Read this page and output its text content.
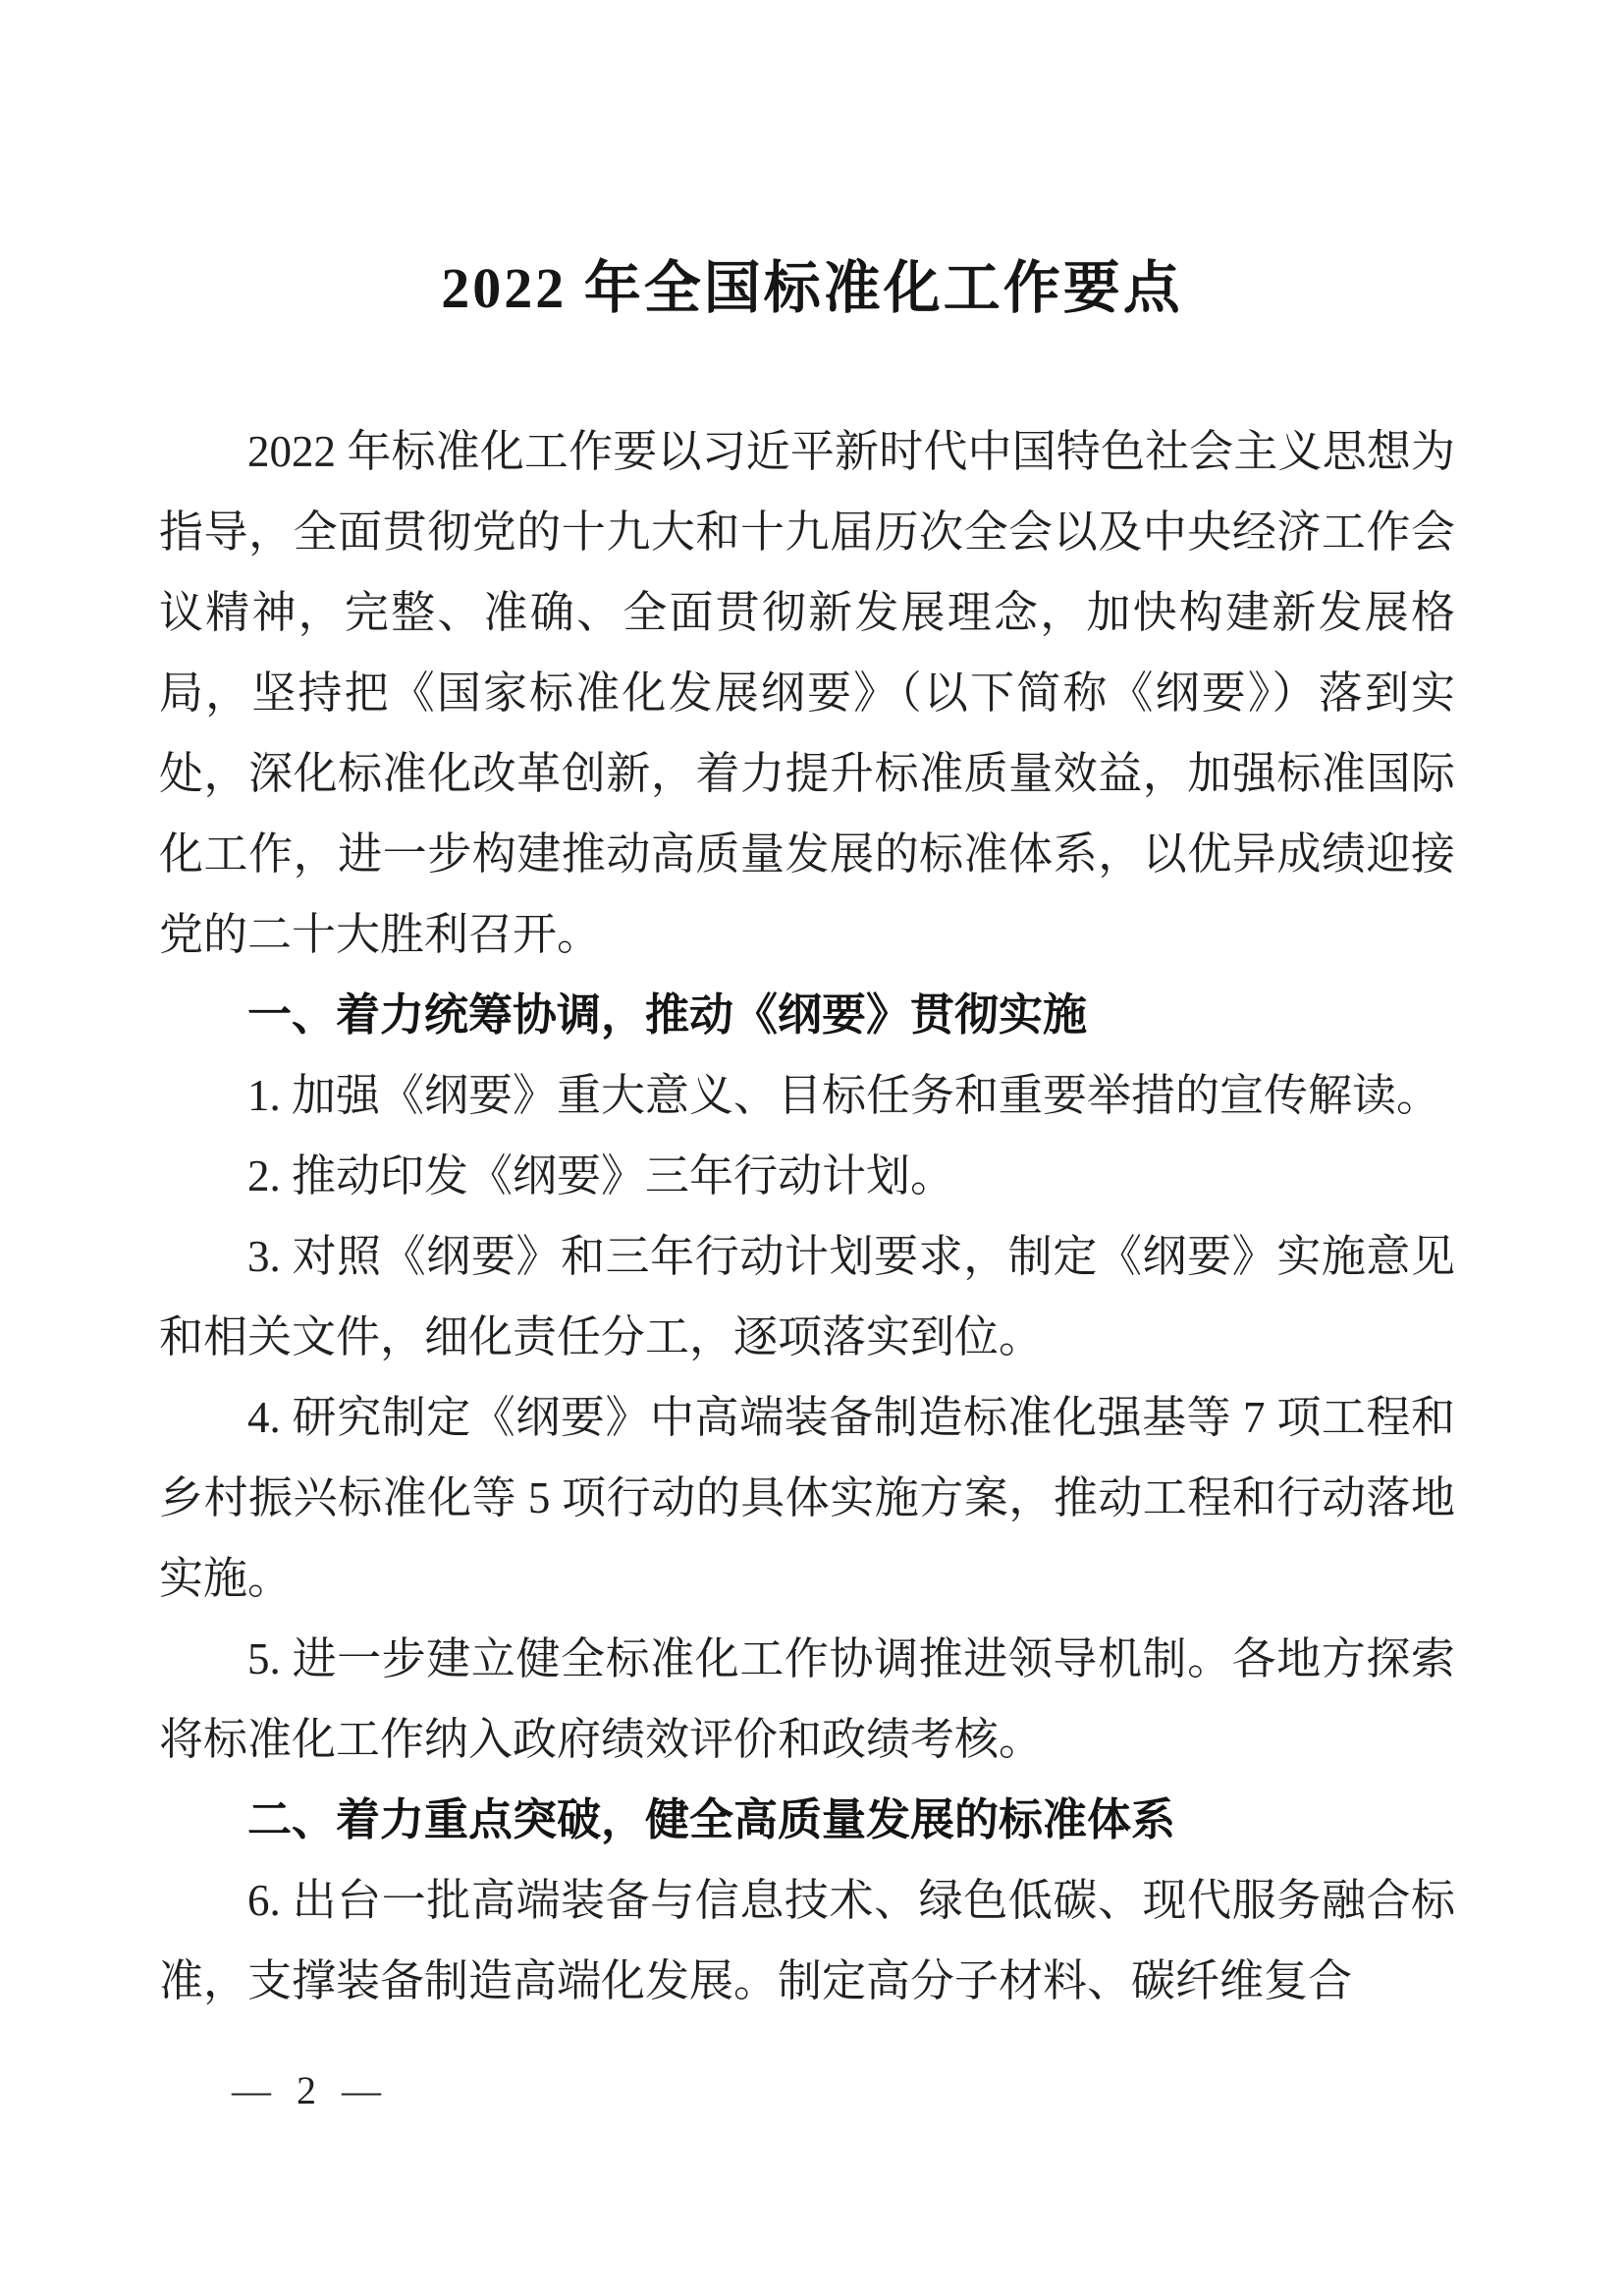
2022 年全国标准化工作要点

2022 年标准化工作要以习近平新时代中国特色社会主义思想为指导，全面贯彻党的十九大和十九届历次全会以及中央经济工作会议精神，完整、准确、全面贯彻新发展理念，加快构建新发展格局，坚持把《国家标准化发展纲要》（以下简称《纲要》）落到实处，深化标准化改革创新，着力提升标准质量效益，加强标准国际化工作，进一步构建推动高质量发展的标准体系，以优异成绩迎接党的二十大胜利召开。

一、着力统筹协调，推动《纲要》贯彻实施

1. 加强《纲要》重大意义、目标任务和重要举措的宣传解读。

2. 推动印发《纲要》三年行动计划。

3. 对照《纲要》和三年行动计划要求，制定《纲要》实施意见和相关文件，细化责任分工，逐项落实到位。

4. 研究制定《纲要》中高端装备制造标准化强基等 7 项工程和乡村振兴标准化等 5 项行动的具体实施方案，推动工程和行动落地实施。

5. 进一步建立健全标准化工作协调推进领导机制。各地方探索将标准化工作纳入政府绩效评价和政绩考核。

二、着力重点突破，健全高质量发展的标准体系

6. 出台一批高端装备与信息技术、绿色低碳、现代服务融合标准，支撑装备制造高端化发展。制定高分子材料、碳纤维复合

— 2 —
